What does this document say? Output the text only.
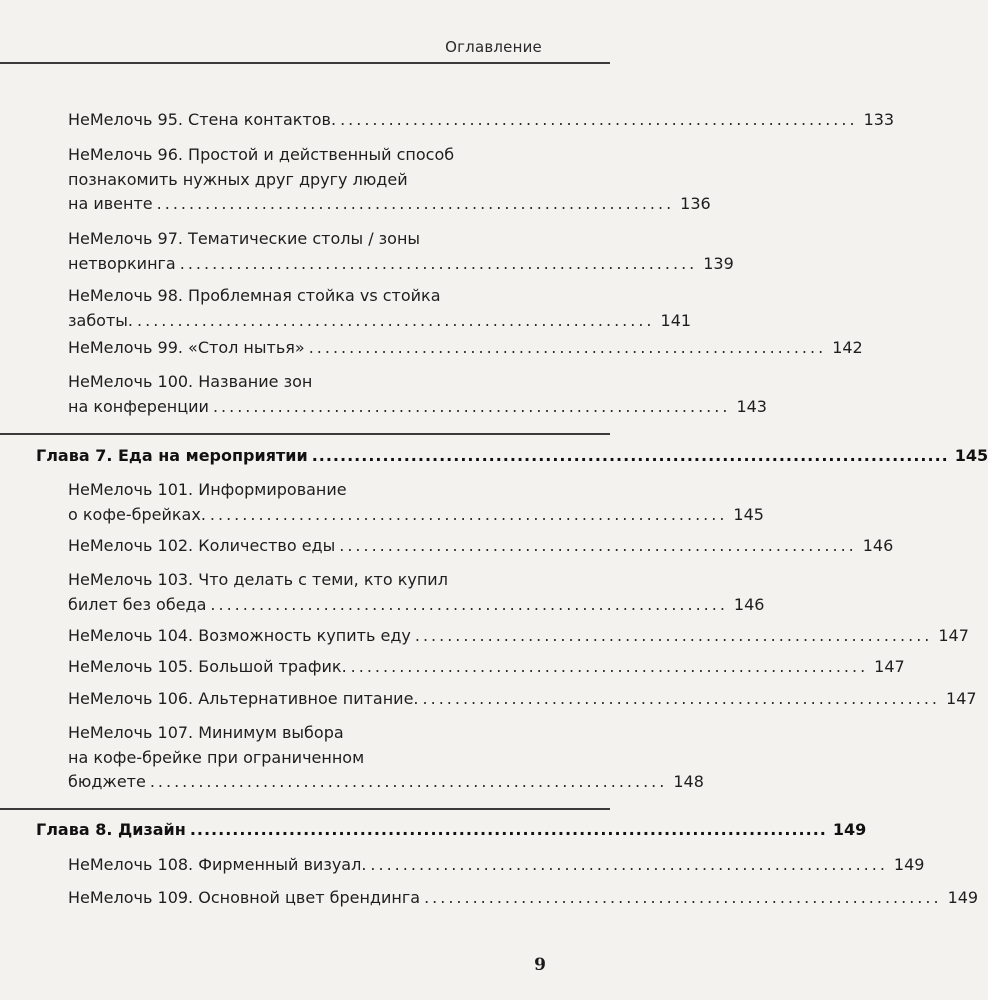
Оглавление
НеМелочь 95. Стена контактов. ................................................................ 133
НеМелочь 96. Простой и действенный способ
познакомить нужных друг другу людей
на ивенте ................................................................ 136
НеМелочь 97. Тематические столы / зоны
нетворкинга ................................................................ 139
НеМелочь 98. Проблемная стойка vs стойка
заботы. ................................................................ 141
НеМелочь 99. «Стол нытья» ................................................................ 142
НеМелочь 100. Название зон
на конференции ................................................................ 143
Глава 7. Еда на мероприятии .......................................................................................... 145
НеМелочь 101. Информирование
о кофе-брейках. ................................................................ 145
НеМелочь 102. Количество еды ................................................................ 146
НеМелочь 103. Что делать с теми, кто купил
билет без обеда ................................................................ 146
НеМелочь 104. Возможность купить еду ................................................................ 147
НеМелочь 105. Большой трафик. ................................................................ 147
НеМелочь 106. Альтернативное питание. ................................................................ 147
НеМелочь 107. Минимум выбора
на кофе-брейке при ограниченном
бюджете ................................................................ 148
Глава 8. Дизайн .......................................................................................... 149
НеМелочь 108. Фирменный визуал. ................................................................ 149
НеМелочь 109. Основной цвет брендинга ................................................................ 149
9
